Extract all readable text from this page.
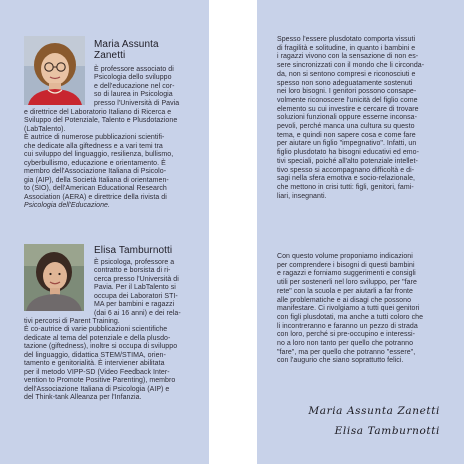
Maria Assunta
Zanetti
È professore associato di
Psicologia dello sviluppo
e dell'educazione nel cor-
so di laurea in Psicologia
presso l'Università di Pavia
e direttrice del Laboratorio Italiano di Ricerca e
Sviluppo del Potenziale, Talento e Plusdotazione
(LabTalento).
È autrice di numerose pubblicazioni scientifi-
che dedicate alla giftedness e a vari temi tra
cui sviluppo del linguaggio, resilienza, bullismo,
cyberbullismo, educazione e orientamento. È
membro dell'Associazione Italiana di Psicolo-
gia (AIP), della Società Italiana di orientamen-
to (SIO), dell'American Educational Research
Association (AERA) e direttrice della rivista di
Psicologia dell'Educazione.
Elisa Tamburnotti
È psicologa, professore a
contratto e borsista di ri-
cerca presso l'Università di
Pavia. Per il LabTalento si
occupa dei Laboratori STI-
MA per bambini e ragazzi
(dai 6 ai 16 anni) e dei rela-
tivi percorsi di Parent Training.
È co-autrice di varie pubblicazioni scientifiche
dedicate al tema del potenziale e della plusdo-
tazione (giftedness), inoltre si occupa di sviluppo
del linguaggio, didattica STEM/STIMA, orien-
tamento e genitorialità. È interviener abilitata
per il metodo VIPP-SD (Video Feedback Inter-
vention to Promote Positive Parenting), membro
dell'Associazione Italiana di Psicologia (AIP) e
del Think-tank Alleanza per l'Infanzia.
Spesso l'essere plusdotato comporta vissuti
di fragilità e solitudine, in quanto i bambini e
i ragazzi vivono con la sensazione di non es-
sere sincronizzati con il mondo che li circonda-
da, non si sentono compresi e riconosciuti e
spesso non sono adeguatamente sostenuti
nei loro bisogni. I genitori possono consape-
volmente riconoscere l'unicità del figlio come
elemento su cui investire e cercare di trovare
soluzioni funzionali oppure esserne inconsa-
pevoli, perché manca una cultura su questo
tema, e quindi non sapere cosa e come fare
per aiutare un figlio "impegnativo". Infatti, un
figlio plusdotato ha bisogni educativi ed emo-
tivi speciali, poiché all'alto potenziale intellet-
tivo spesso si accompagnano difficoltà e di-
sagi nella sfera emotiva e socio-relazionale,
che mettono in crisi tutti: figli, genitori, fami-
liari, insegnanti.
Con questo volume proponiamo indicazioni
per comprendere i bisogni di questi bambini
e ragazzi e forniamo suggerimenti e consigli
utili per sostenerli nel loro sviluppo, per "fare
rete" con la scuola e per aiutarli a far fronte
alle problematiche e ai disagi che possono
manifestare. Ci rivolgiamo a tutti quei genitori
con figli plusdotati, ma anche a tutti coloro che
li incontreranno e faranno un pezzo di strada
con loro, perché si pre-occupino e interessi-
no a loro non tanto per quello che potranno
"fare", ma per quello che potranno "essere",
con l'augurio che siano soprattutto felici.
Maria Assunta Zanetti
Elisa Tamburnotti
